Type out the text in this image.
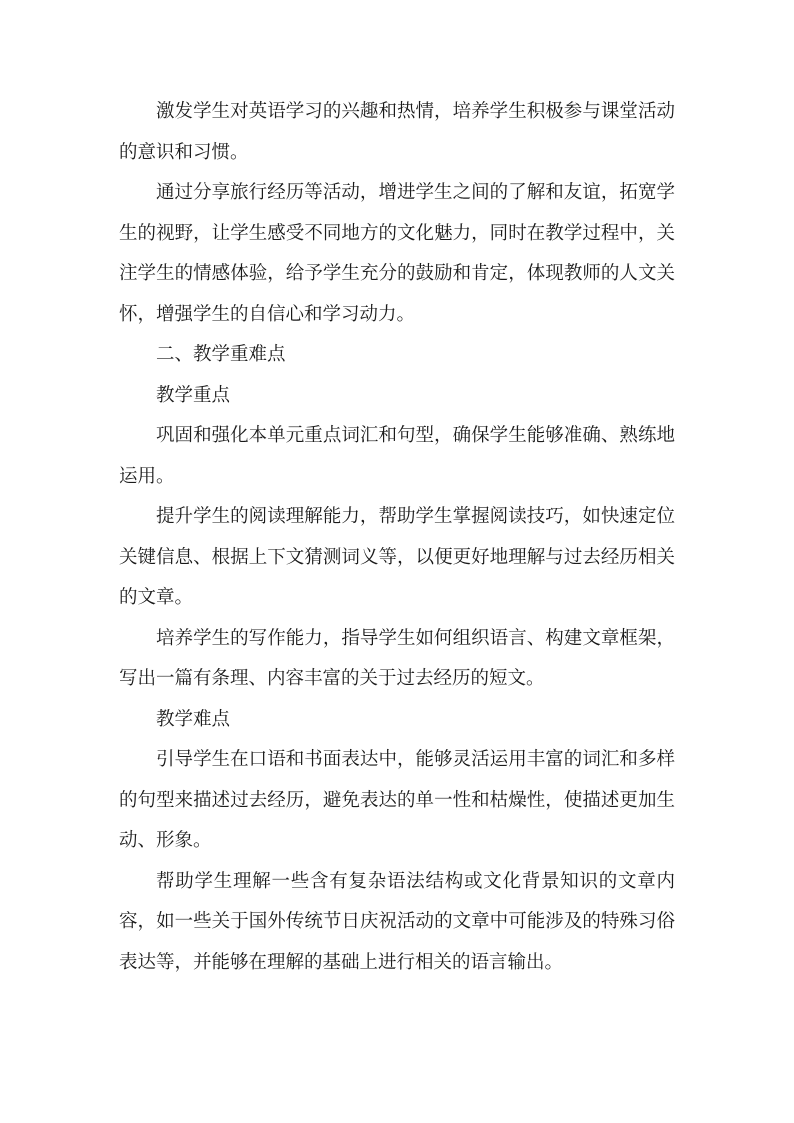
激发学生对英语学习的兴趣和热情，培养学生积极参与课堂活动的意识和习惯。

通过分享旅行经历等活动，增进学生之间的了解和友谊，拓宽学生的视野，让学生感受不同地方的文化魅力，同时在教学过程中，关注学生的情感体验，给予学生充分的鼓励和肯定，体现教师的人文关怀，增强学生的自信心和学习动力。

二、教学重难点

教学重点

巩固和强化本单元重点词汇和句型，确保学生能够准确、熟练地运用。

提升学生的阅读理解能力，帮助学生掌握阅读技巧，如快速定位关键信息、根据上下文猜测词义等，以便更好地理解与过去经历相关的文章。

培养学生的写作能力，指导学生如何组织语言、构建文章框架，写出一篇有条理、内容丰富的关于过去经历的短文。

教学难点

引导学生在口语和书面表达中，能够灵活运用丰富的词汇和多样的句型来描述过去经历，避免表达的单一性和枯燥性，使描述更加生动、形象。

帮助学生理解一些含有复杂语法结构或文化背景知识的文章内容，如一些关于国外传统节日庆祝活动的文章中可能涉及的特殊习俗表达等，并能够在理解的基础上进行相关的语言输出。
